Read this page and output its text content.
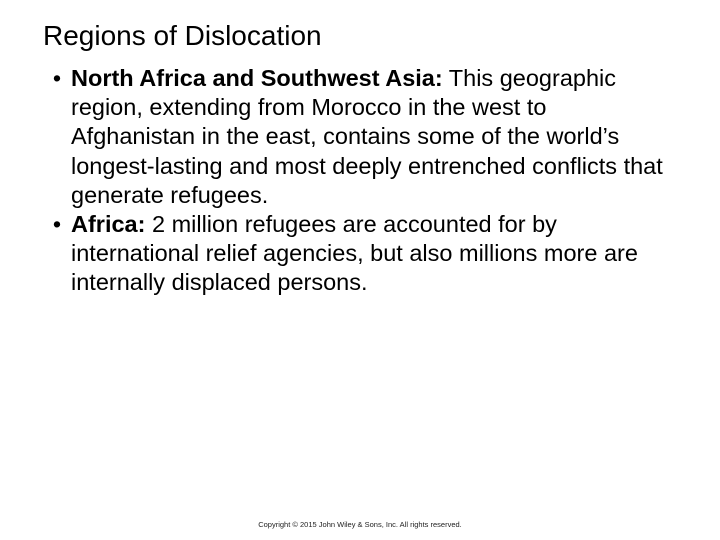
Regions of Dislocation
• North Africa and Southwest Asia: This geographic region, extending from Morocco in the west to Afghanistan in the east, contains some of the world’s longest-lasting and most deeply entrenched conflicts that generate refugees.
• Africa: 2 million refugees are accounted for by international relief agencies, but also millions more are internally displaced persons.
Copyright © 2015 John Wiley & Sons, Inc. All rights reserved.
